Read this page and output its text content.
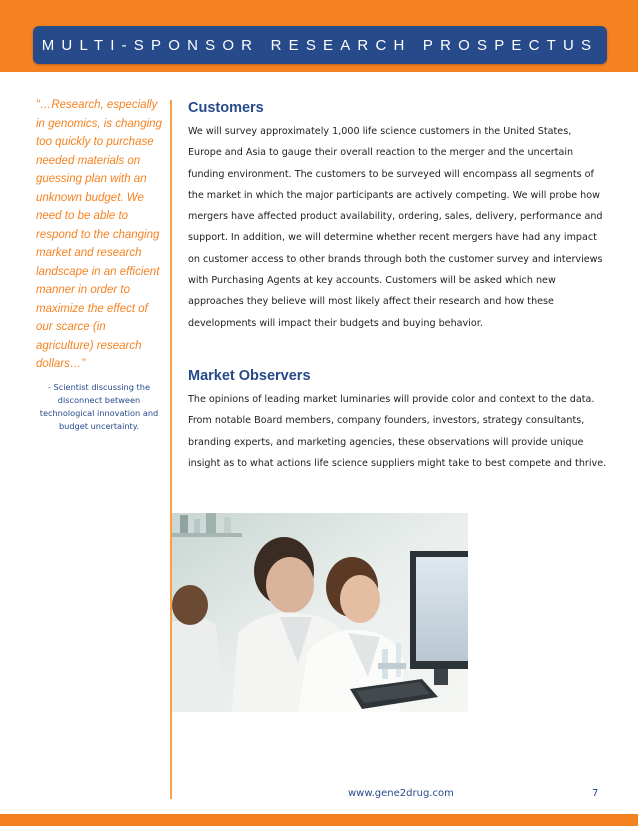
MULTI-SPONSOR RESEARCH PROSPECTUS

“…Research, especially in genomics, is changing too quickly to purchase needed materials on guessing plan with an unknown budget. We need to be able to respond to the changing market and research landscape in an efficient manner in order to maximize the effect of our scarce (in agriculture) research dollars…”

- Scientist discussing the disconnect between technological innovation and budget uncertainty.

Customers

We will survey approximately 1,000 life science customers in the United States, Europe and Asia to gauge their overall reaction to the merger and the uncertain funding environment. The customers to be surveyed will encompass all segments of the market in which the major participants are actively competing. We will probe how mergers have affected product availability, ordering, sales, delivery, performance and support. In addition, we will determine whether recent mergers have had any impact on customer access to other brands through both the customer survey and interviews with Purchasing Agents at key accounts. Customers will be asked which new approaches they believe will most likely affect their research and how these developments will impact their budgets and buying behavior.

Market Observers

The opinions of leading market luminaries will provide color and context to the data. From notable Board members, company founders, investors, strategy consultants, branding experts, and marketing agencies, these observations will provide unique insight as to what actions life science suppliers might take to best compete and thrive.

www.gene2drug.com	7
